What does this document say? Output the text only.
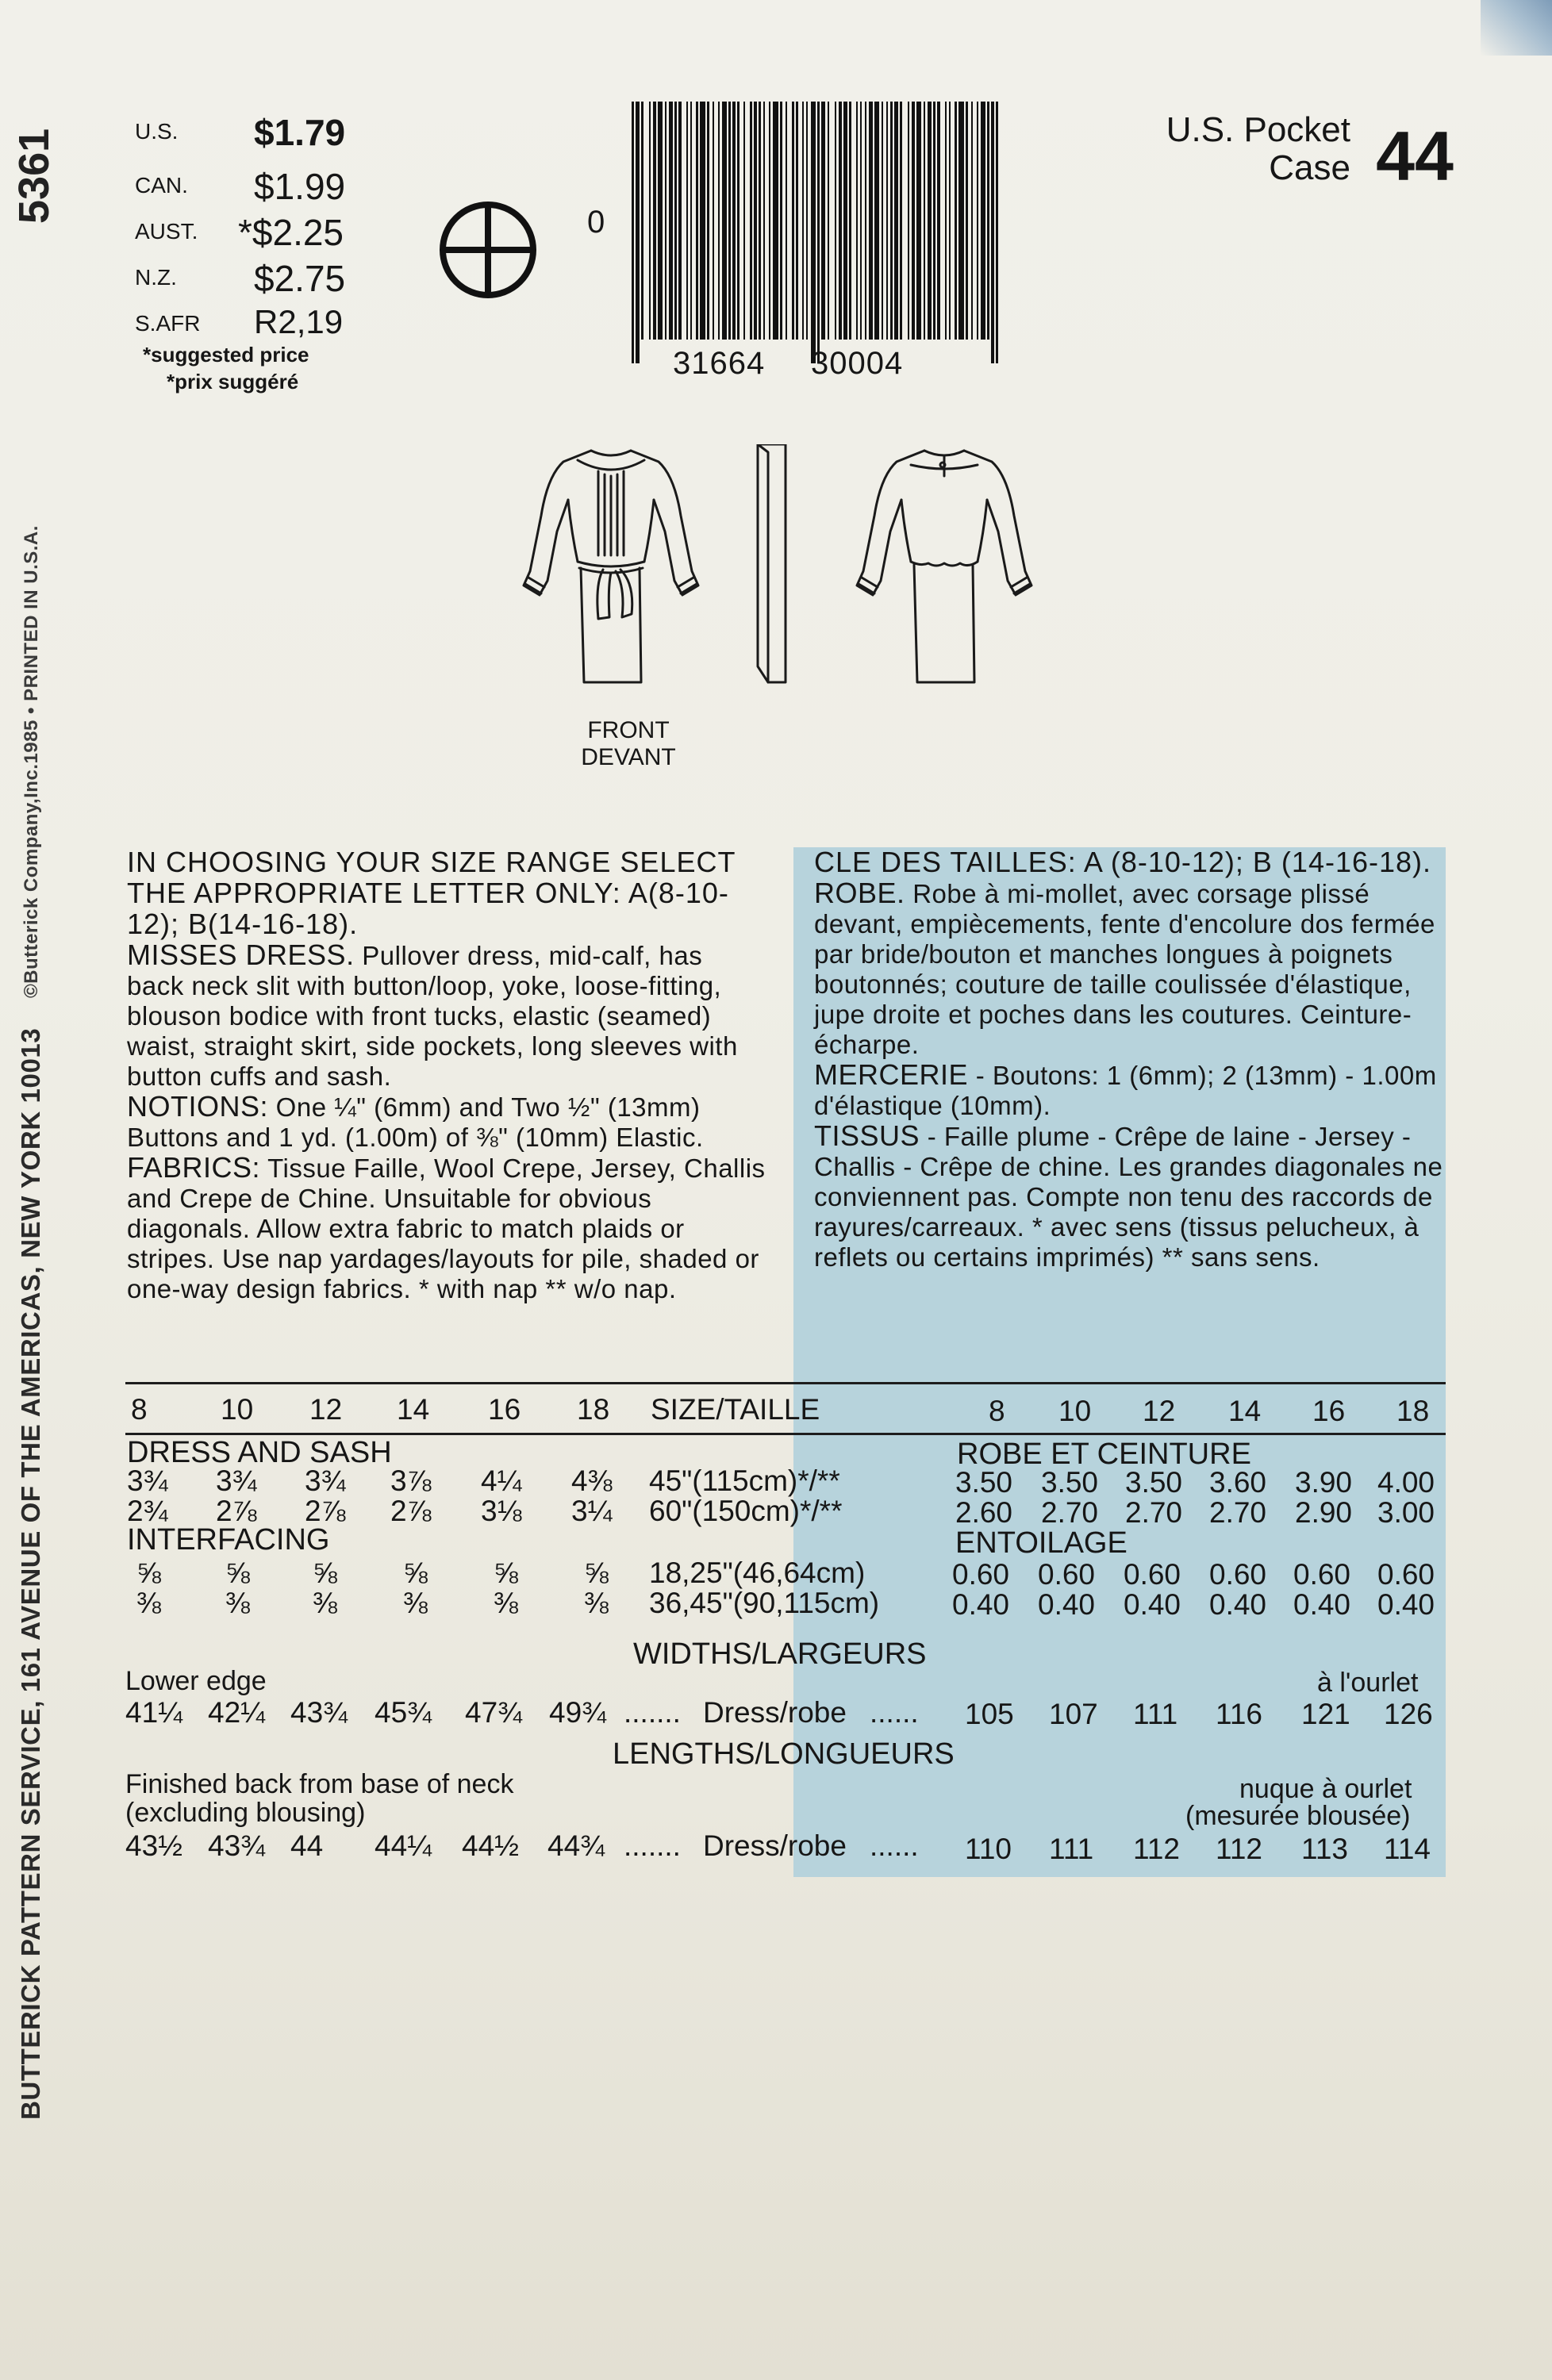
5361
©Butterick Company,Inc.1985 • PRINTED IN U.S.A.
BUTTERICK PATTERN SERVICE, 161 AVENUE OF THE AMERICAS, NEW YORK 10013
U.S. $1.79
CAN. $1.99
AUST. *$2.25
N.Z. $2.75
S.AFR R2,19
*suggested price
*prix suggéré
0
31664 30004
U.S. Pocket
Case 44
FRONT
DEVANT

IN CHOOSING YOUR SIZE RANGE SELECT THE APPROPRIATE LETTER ONLY: A(8-10-12); B(14-16-18).

MISSES DRESS. Pullover dress, mid-calf, has back neck slit with button/loop, yoke, loose-fitting, blouson bodice with front tucks, elastic (seamed) waist, straight skirt, side pockets, long sleeves with button cuffs and sash.

NOTIONS: One ¼" (6mm) and Two ½" (13mm) Buttons and 1 yd. (1.00m) of ⅜" (10mm) Elastic.

FABRICS: Tissue Faille, Wool Crepe, Jersey, Challis and Crepe de Chine. Unsuitable for obvious diagonals. Allow extra fabric to match plaids or stripes. Use nap yardages/layouts for pile, shaded or one-way design fabrics. * with nap ** w/o nap.

CLE DES TAILLES: A (8-10-12); B (14-16-18).

ROBE. Robe à mi-mollet, avec corsage plissé devant, empiècements, fente d'encolure dos fermée par bride/bouton et manches longues à poignets boutonnés; couture de taille coulissée d'élastique, jupe droite et poches dans les coutures. Ceinture-écharpe.

MERCERIE - Boutons: 1 (6mm); 2 (13mm) - 1.00m d'élastique (10mm).

TISSUS - Faille plume - Crêpe de laine - Jersey - Challis - Crêpe de chine. Les grandes diagonales ne conviennent pas. Compte non tenu des raccords de rayures/carreaux. * avec sens (tissus pelucheux, à reflets ou certains imprimés) ** sans sens.

8 10 12 14 16 18 SIZE/TAILLE	8 10 12 14 16 18
DRESS AND SASH	ROBE ET CEINTURE
3¾ 3¾ 3¾ 3⅞ 4¼ 4⅜ 45"(115cm)*/**	3.50 3.50 3.50 3.60 3.90 4.00
2¾ 2⅞ 2⅞ 2⅞ 3⅛ 3¼ 60"(150cm)*/**	2.60 2.70 2.70 2.70 2.90 3.00
INTERFACING	ENTOILAGE
⅝ ⅝ ⅝ ⅝ ⅝ ⅝ 18,25"(46,64cm)	0.60 0.60 0.60 0.60 0.60 0.60
⅜ ⅜ ⅜ ⅜ ⅜ ⅜ 36,45"(90,115cm) 0.40 0.40 0.40 0.40 0.40 0.40
WIDTHS/LARGEURS
Lower edge	à l'ourlet
41¼ 42¼ 43¾ 45¾ 47¾ 49¾ ....... Dress/robe ...... 105 107 111 116 121 126
LENGTHS/LONGUEURS
Finished back from base of neck	nuque à ourlet
(excluding blousing)	(mesurée blousée)
43½ 43¾ 44 44¼ 44½ 44¾ ....... Dress/robe ...... 110 111 112 112 113 114
